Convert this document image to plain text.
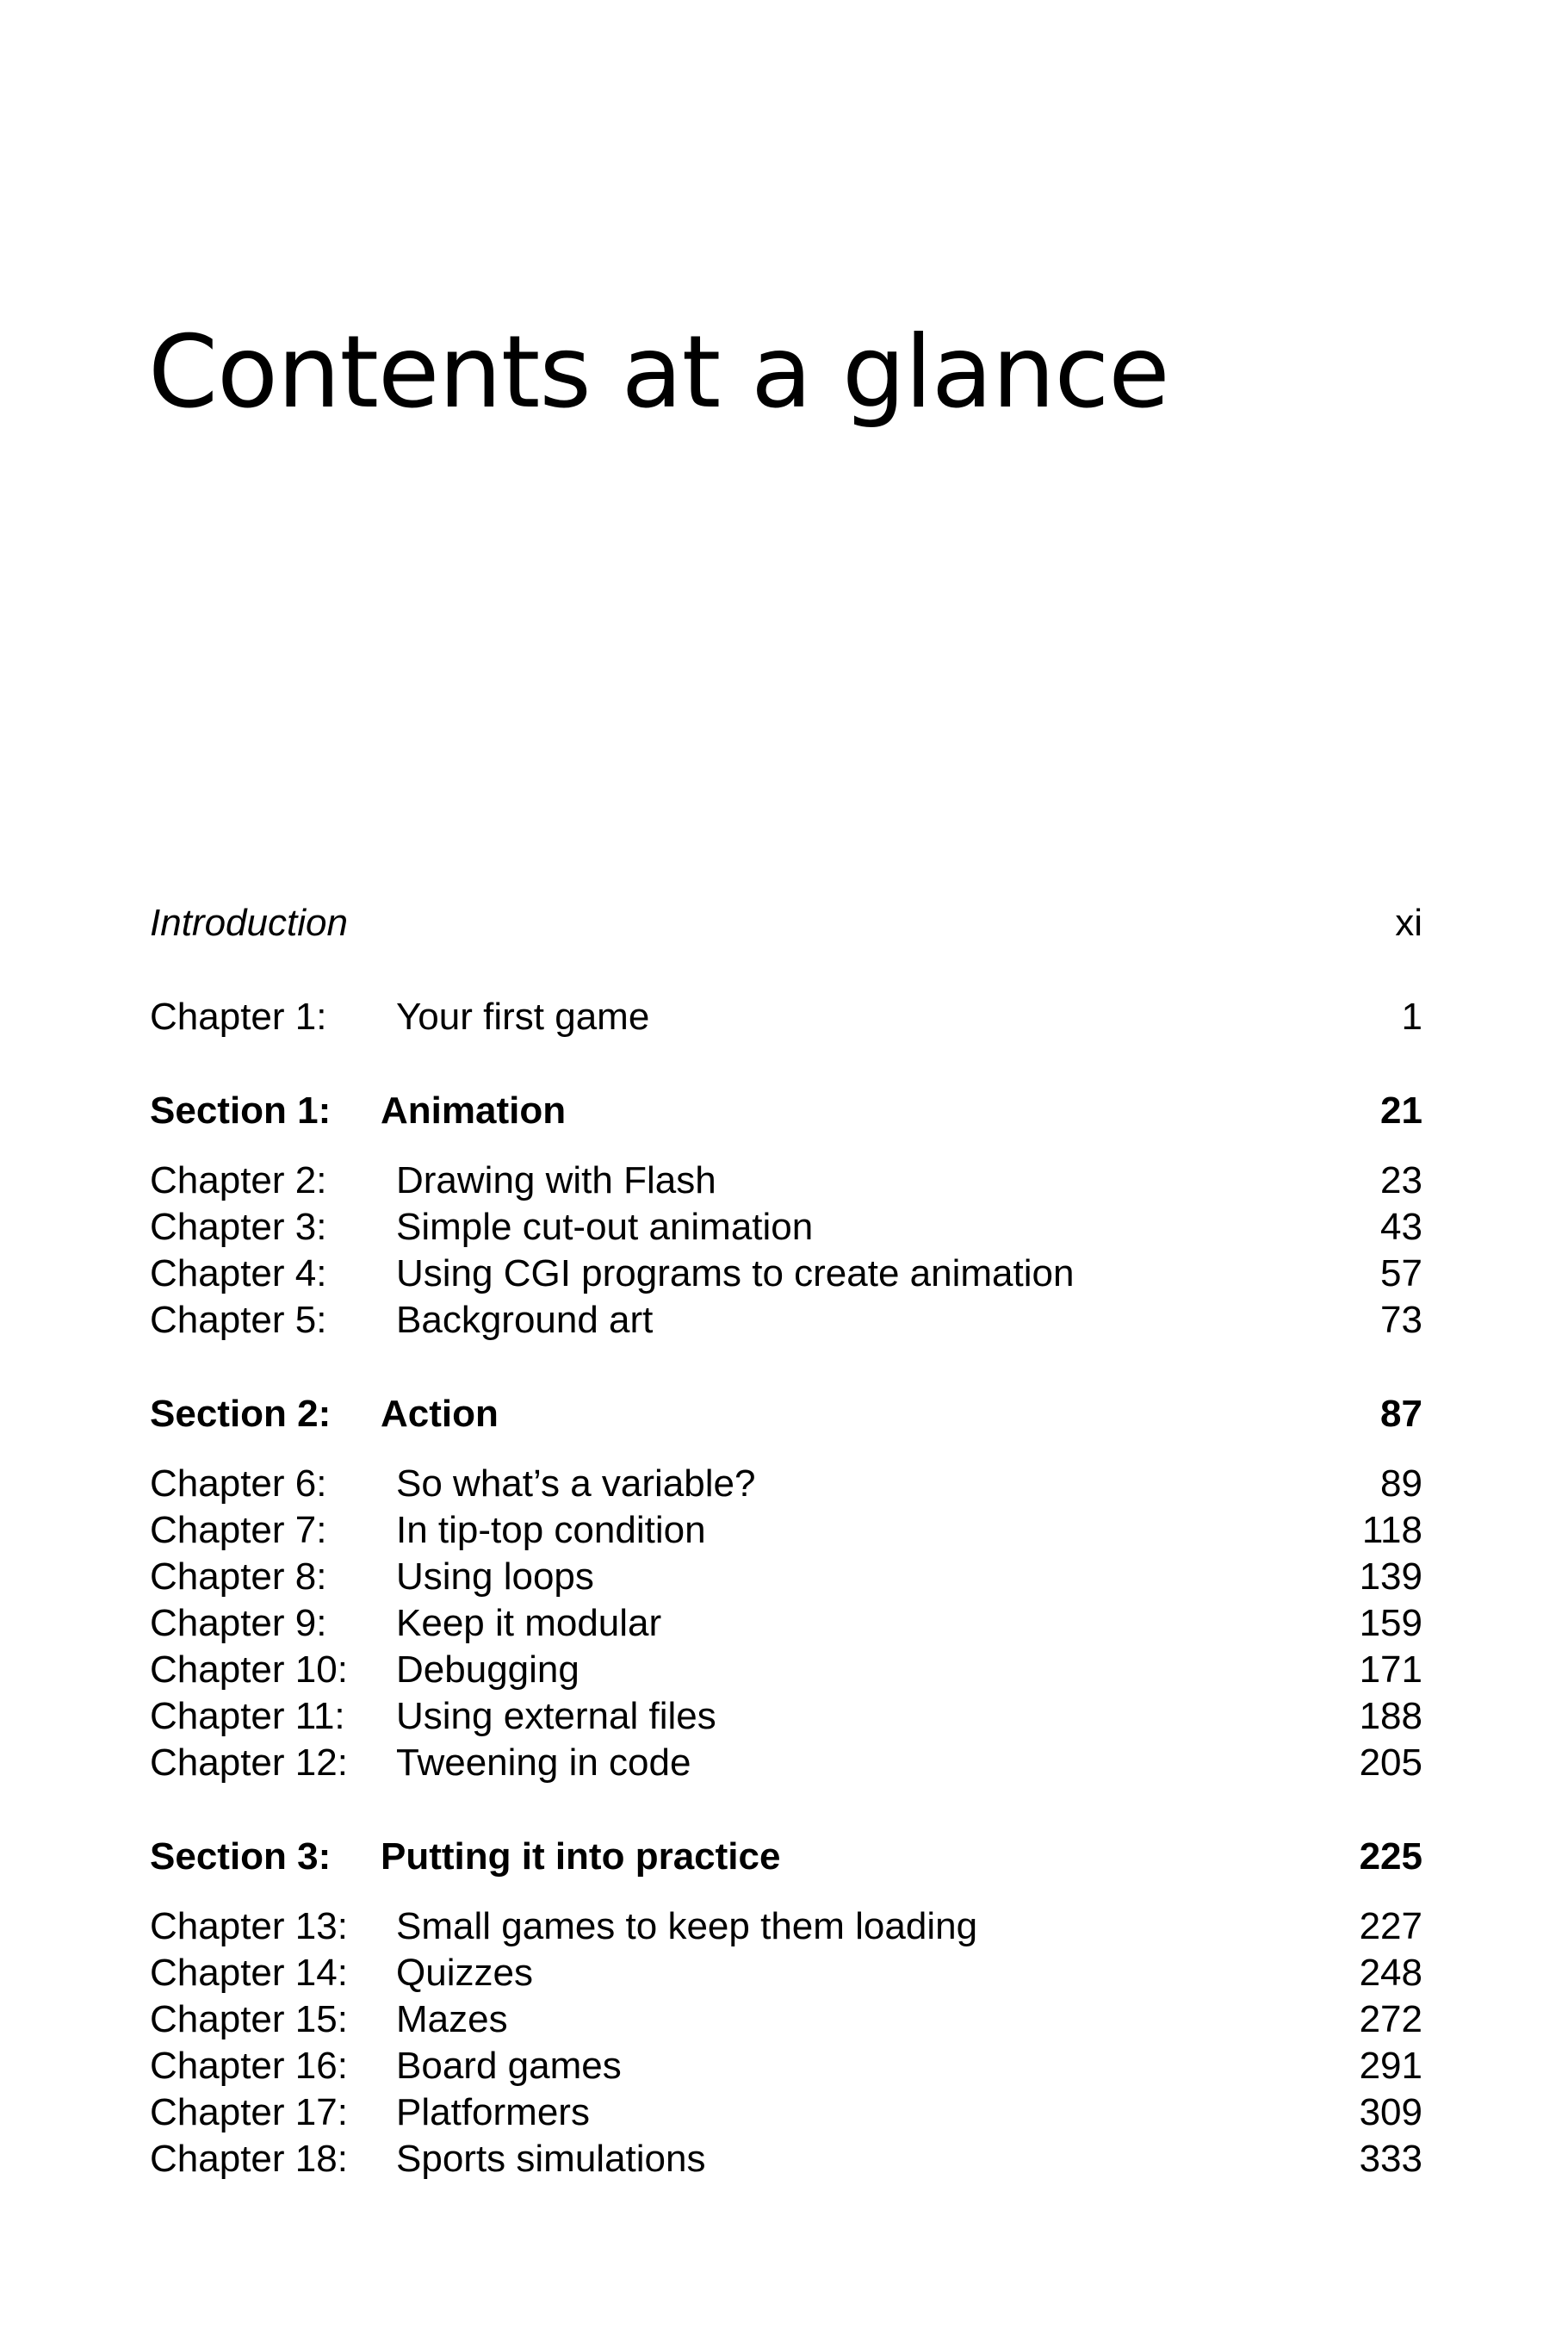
Contents at a glance
Introduction	xi
Chapter 1: Your first game	1
Section 1: Animation	21
Chapter 2: Drawing with Flash	23
Chapter 3: Simple cut-out animation	43
Chapter 4: Using CGI programs to create animation	57
Chapter 5: Background art	73
Section 2: Action	87
Chapter 6: So what’s a variable?	89
Chapter 7: In tip-top condition	118
Chapter 8: Using loops	139
Chapter 9: Keep it modular	159
Chapter 10: Debugging	171
Chapter 11: Using external files	188
Chapter 12: Tweening in code	205
Section 3: Putting it into practice	225
Chapter 13: Small games to keep them loading	227
Chapter 14: Quizzes	248
Chapter 15: Mazes	272
Chapter 16: Board games	291
Chapter 17: Platformers	309
Chapter 18: Sports simulations	333
